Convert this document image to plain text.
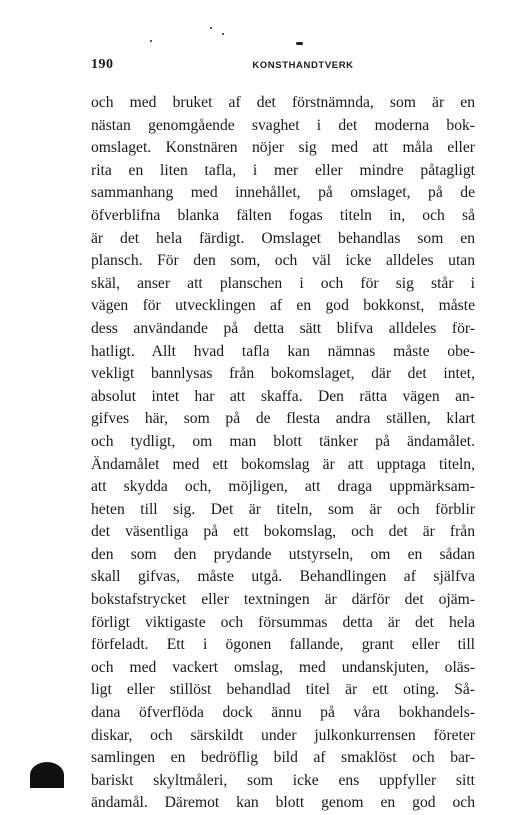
190	KONSTHANDTVERK
och med bruket af det förstnämnda, som är en
nästan genomgående svaghet i det moderna bok-
omslaget. Konstnären nöjer sig med att måla eller
rita en liten tafla, i mer eller mindre påtagligt
sammanhang med innehållet, på omslaget, på de
öfverblifna blanka fälten fogas titeln in, och så
är det hela färdigt. Omslaget behandlas som en
plansch. För den som, och väl icke alldeles utan
skäl, anser att planschen i och för sig står i
vägen för utvecklingen af en god bokkonst, måste
dess användande på detta sätt blifva alldeles för-
hatligt. Allt hvad tafla kan nämnas måste obe-
vekligt bannlysas från bokomslaget, där det intet,
absolut intet har att skaffa. Den rätta vägen an-
gifves här, som på de flesta andra ställen, klart
och tydligt, om man blott tänker på ändamålet.
Ändamålet med ett bokomslag är att upptaga titeln,
att skydda och, möjligen, att draga uppmärksam-
heten till sig. Det är titeln, som är och förblir
det väsentliga på ett bokomslag, och det är från
den som den prydande utstyrseln, om en sådan
skall gifvas, måste utgå. Behandlingen af själfva
bokstafstrycket eller textningen är därför det ojäm-
förligt viktigaste och försummas detta är det hela
förfeladt. Ett i ögonen fallande, grant eller till
och med vackert omslag, med undanskjuten, oläs-
ligt eller stillöst behandlad titel är ett oting. Så-
dana öfverflöda dock ännu på våra bokhandels-
diskar, och särskildt under julkonkurrensen företer
samlingen en bedröflig bild af smaklöst och bar-
bariskt skyltmåleri, som icke ens uppfyller sitt
ändamål. Däremot kan blott genom en god och
